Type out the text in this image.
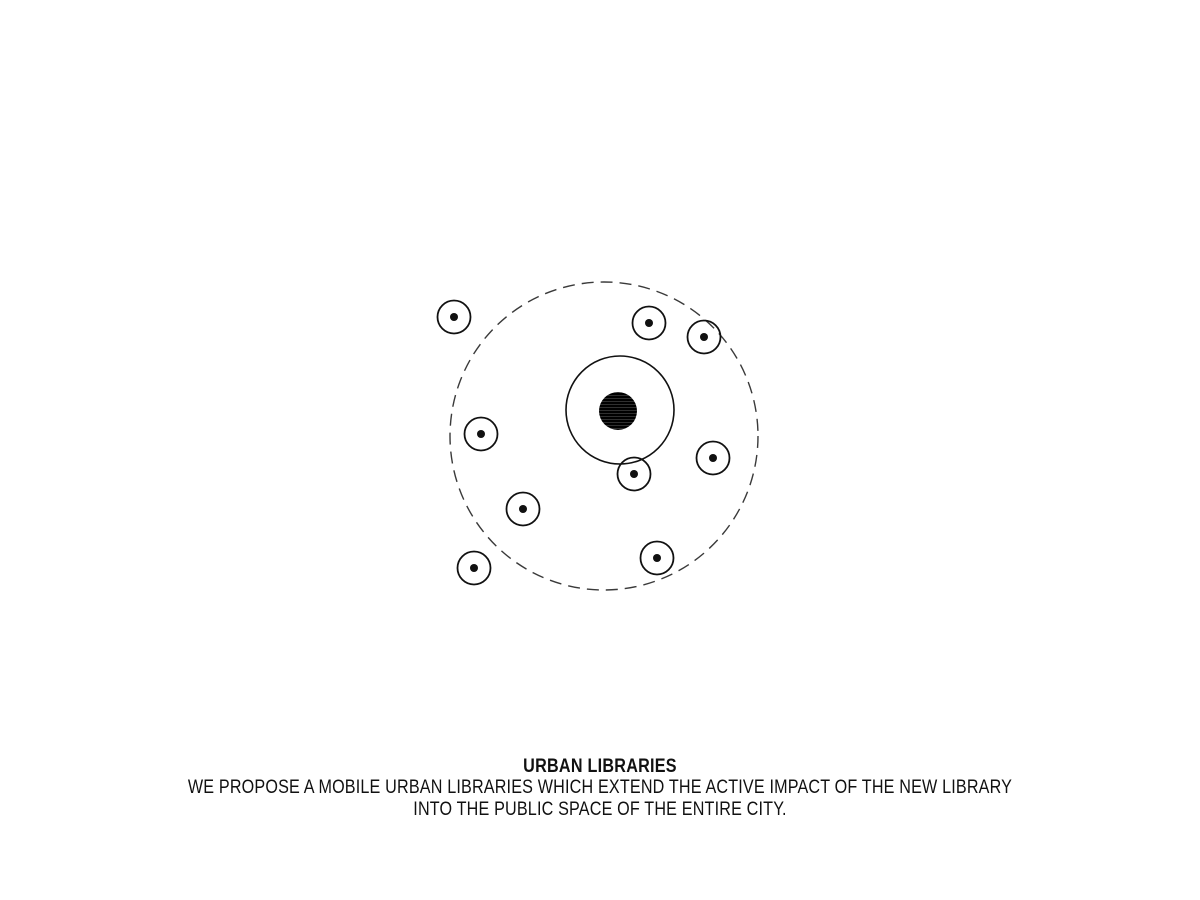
URBAN LIBRARIES
WE PROPOSE A MOBILE URBAN LIBRARIES WHICH EXTEND THE ACTIVE IMPACT OF THE NEW LIBRARY
INTO THE PUBLIC SPACE OF THE ENTIRE CITY.
